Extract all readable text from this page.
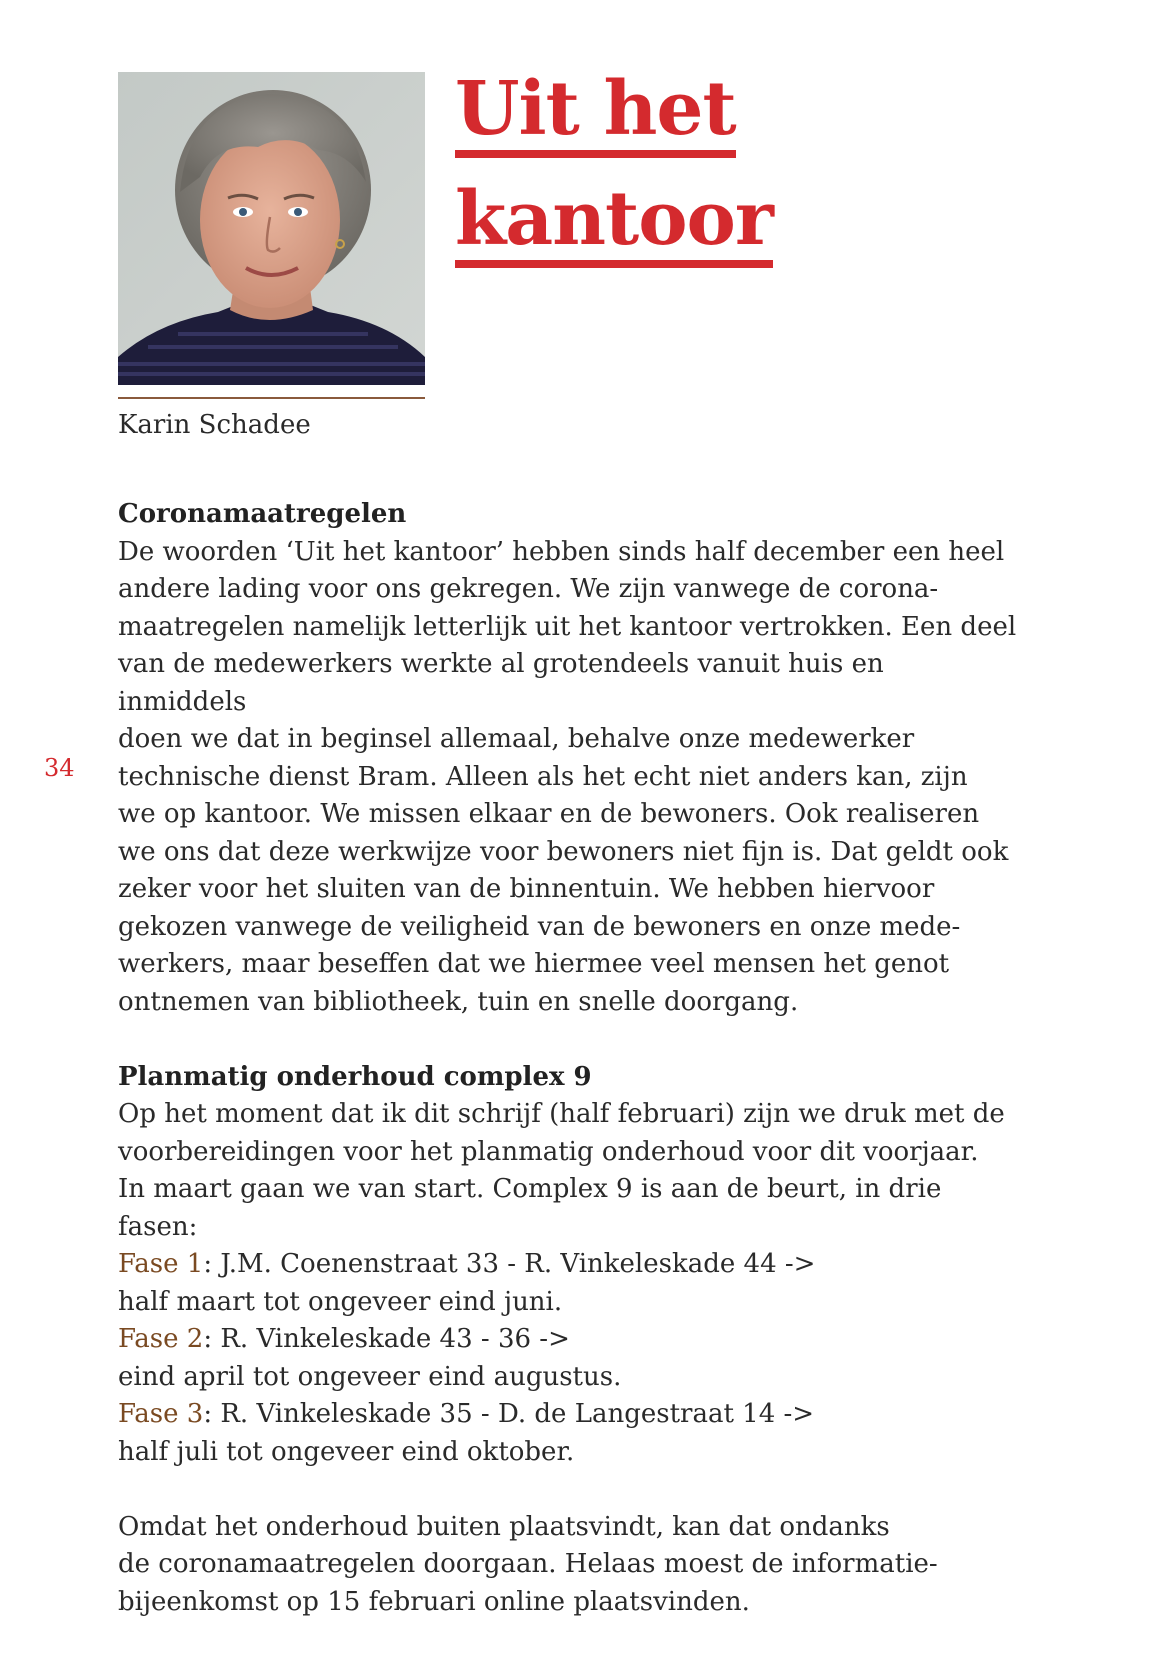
Karin Schadee
Uit het
kantoor
34
Coronamaatregelen

De woorden ‘Uit het kantoor’ hebben sinds half december een heel
andere lading voor ons gekregen. We zijn vanwege de corona-
maatregelen namelijk letterlijk uit het kantoor vertrokken. Een deel
van de medewerkers werkte al grotendeels vanuit huis en inmiddels
doen we dat in beginsel allemaal, behalve onze medewerker
technische dienst Bram. Alleen als het echt niet anders kan, zijn
we op kantoor. We missen elkaar en de bewoners. Ook realiseren
we ons dat deze werkwijze voor bewoners niet fijn is. Dat geldt ook
zeker voor het sluiten van de binnentuin. We hebben hiervoor
gekozen vanwege de veiligheid van de bewoners en onze mede-
werkers, maar beseffen dat we hiermee veel mensen het genot
ontnemen van bibliotheek, tuin en snelle doorgang.

Planmatig onderhoud complex 9

Op het moment dat ik dit schrijf (half februari) zijn we druk met de
voorbereidingen voor het planmatig onderhoud voor dit voorjaar.
In maart gaan we van start. Complex 9 is aan de beurt, in drie fasen:

Fase 1: J.M. Coenenstraat 33 - R. Vinkeleskade 44 ->
half maart tot ongeveer eind juni.
Fase 2: R. Vinkeleskade 43 - 36 ->
eind april tot ongeveer eind augustus.
Fase 3: R. Vinkeleskade 35 - D. de Langestraat 14 ->
half juli tot ongeveer eind oktober.

Omdat het onderhoud buiten plaatsvindt, kan dat ondanks
de coronamaatregelen doorgaan. Helaas moest de informatie-
bijeenkomst op 15 februari online plaatsvinden.
